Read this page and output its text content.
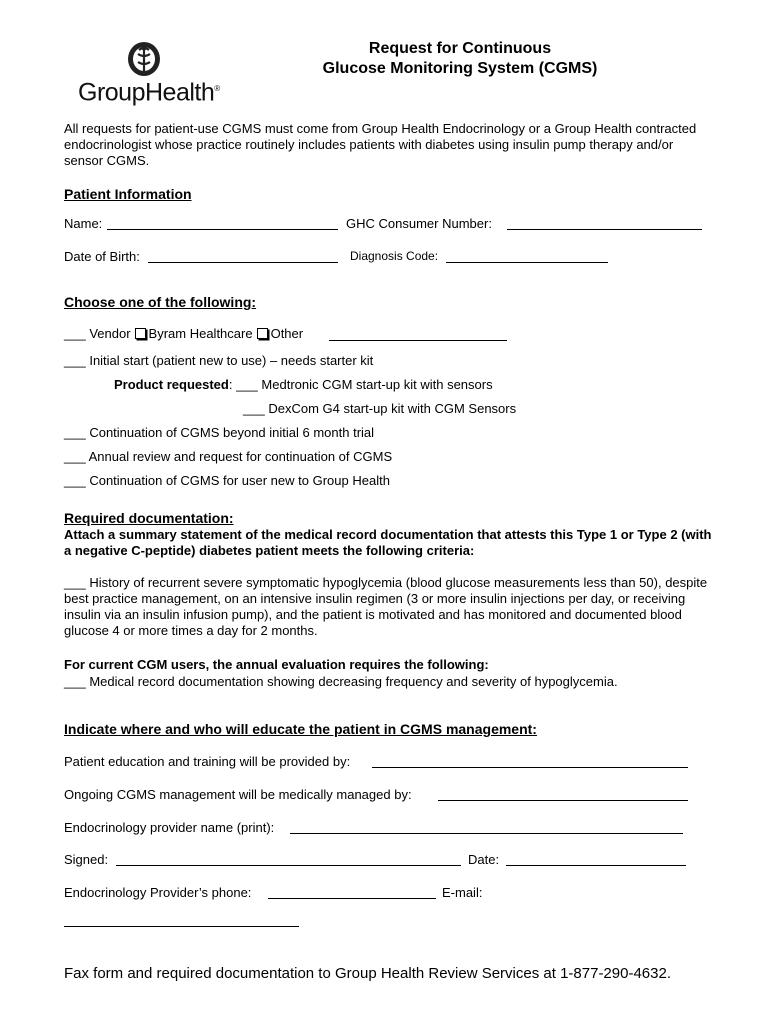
GroupHealth®
Request for Continuous
Glucose Monitoring System (CGMS)
All requests for patient-use CGMS must come from Group Health Endocrinology or a Group Health contracted endocrinologist whose practice routinely includes patients with diabetes using insulin pump therapy and/or sensor CGMS.
Patient Information
Name:	GHC Consumer Number:
Date of Birth:	Diagnosis Code:
Choose one of the following:
___ Vendor Byram Healthcare Other
___ Initial start (patient new to use) – needs starter kit
Product requested: ___ Medtronic CGM start-up kit with sensors
___ DexCom G4 start-up kit with CGM Sensors
___ Continuation of CGMS beyond initial 6 month trial
___ Annual review and request for continuation of CGMS
___ Continuation of CGMS for user new to Group Health
Required documentation:
Attach a summary statement of the medical record documentation that attests this Type 1 or Type 2 (with a negative C-peptide) diabetes patient meets the following criteria:
___ History of recurrent severe symptomatic hypoglycemia (blood glucose measurements less than 50), despite best practice management, on an intensive insulin regimen (3 or more insulin injections per day, or receiving insulin via an insulin infusion pump), and the patient is motivated and has monitored and documented blood glucose 4 or more times a day for 2 months.
For current CGM users, the annual evaluation requires the following:
___ Medical record documentation showing decreasing frequency and severity of hypoglycemia.
Indicate where and who will educate the patient in CGMS management:
Patient education and training will be provided by:
Ongoing CGMS management will be medically managed by:
Endocrinology provider name (print):
Signed:	Date:
Endocrinology Provider’s phone:	E-mail:
Fax form and required documentation to Group Health Review Services at 1-877-290-4632.
